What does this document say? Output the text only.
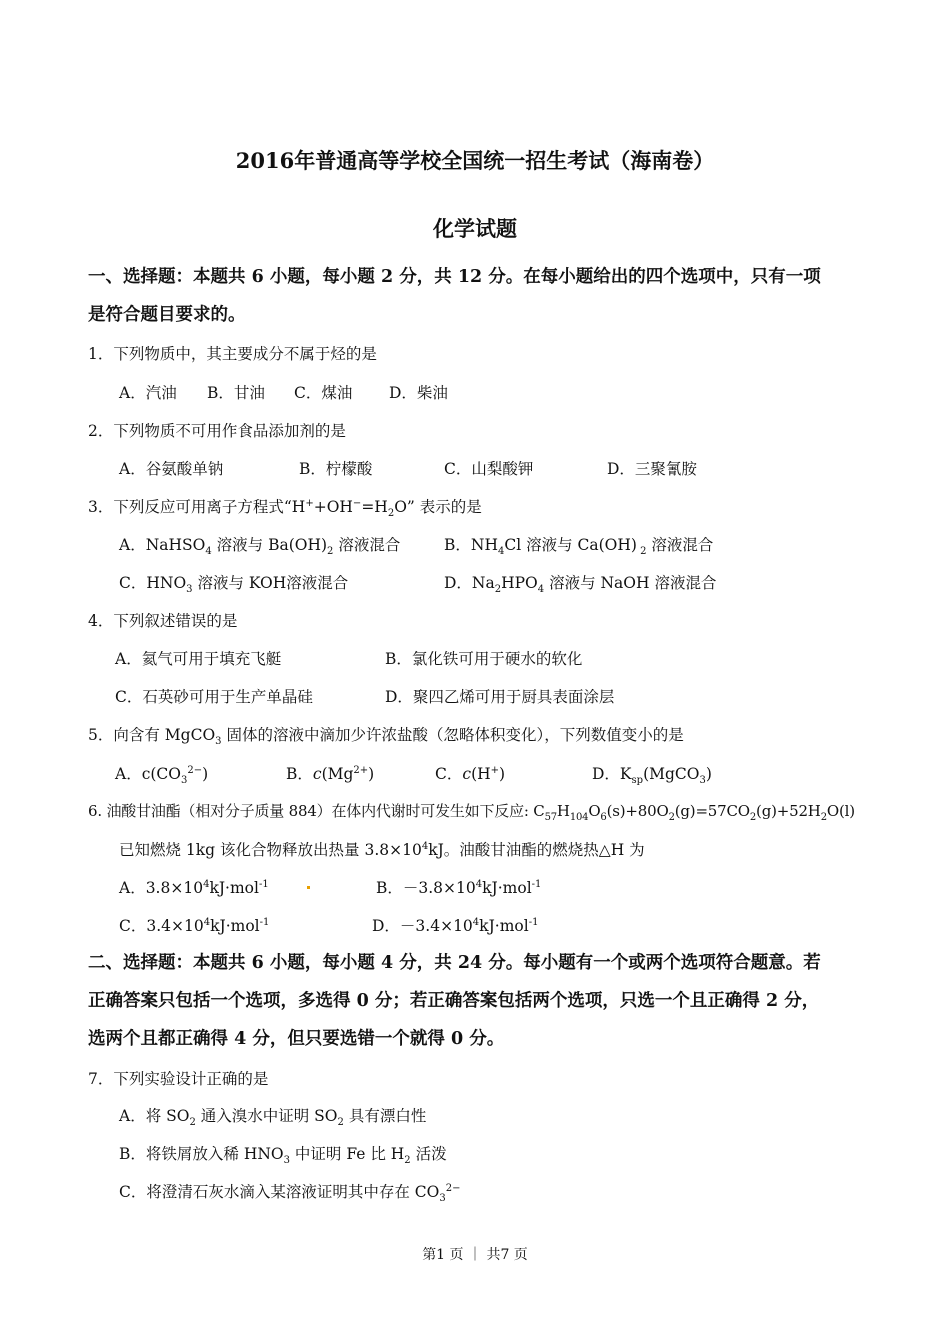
2016年普通高等学校全国统一招生考试（海南卷）
化学试题
一、选择题：本题共 6 小题，每小题 2 分，共 12 分。在每小题给出的四个选项中，只有一项
是符合题目要求的。
1．下列物质中，其主要成分不属于烃的是
A．汽油 B．甘油 C．煤油 D．柴油
2．下列物质不可用作食品添加剂的是
A．谷氨酸单钠	B．柠檬酸	C．山梨酸钾	D．三聚氰胺
3．下列反应可用离子方程式“$H^++OH^-=H_2O$” 表示的是
A．NaHSO$_4$ 溶液与 $Ba(OH)_2$ 溶液混合	B．$NH_4Cl$ 溶液与 Ca(OH) $_2$ 溶液混合
C．$HNO_3$ 溶液与 KOH溶液混合	D．$Na_2HPO_4$ 溶液与 NaOH 溶液混合
4．下列叙述错误的是
A．氦气可用于填充飞艇	B．氯化铁可用于硬水的软化
C．石英砂可用于生产单晶硅	D．聚四乙烯可用于厨具表面涂层
5．向含有 MgCO$_3$ 固体的溶液中滴加少许浓盐酸（忽略体积变化），下列数值变小的是
A．$c(CO_3^{2-})$	B．$c(Mg^{2+})$	C．c(H+)	D．$K_{sp}(MgCO_3)$
6. 油酸甘油酯（相对分子质量 884）在体内代谢时可发生如下反应: $C_{57}H_{104}O_6(s)+80O_2(g)=57CO_2(g)+52H_2O(l)$
已知燃烧 1kg 该化合物释放出热量 $3.8\times 10^4kJ$。油酸甘油酯的燃烧热△H 为
A．$3.8\times 10^4kJ\cdot mol^{-1}$	B．$-3.8\times 10^4kJ\cdot mol^{-1}$
C．$3.4\times 10^4kJ\cdot mol^{-1}$	D．$-3.4\times 10^4kJ\cdot mol^{-1}$
二、选择题：本题共 6 小题，每小题 4 分，共 24 分。每小题有一个或两个选项符合题意。若
正确答案只包括一个选项，多选得 0 分；若正确答案包括两个选项，只选一个且正确得 2 分，
选两个且都正确得 4 分，但只要选错一个就得 0 分。
7．下列实验设计正确的是
A．将 $SO_2$ 通入溴水中证明 $SO_2$ 具有漂白性
B．将铁屑放入稀 $HNO_3$ 中证明 Fe 比 $H_2$ 活泼
C．将澄清石灰水滴入某溶液证明其中存在 $CO_3^{2-}$
第1 页 ｜ 共7 页
